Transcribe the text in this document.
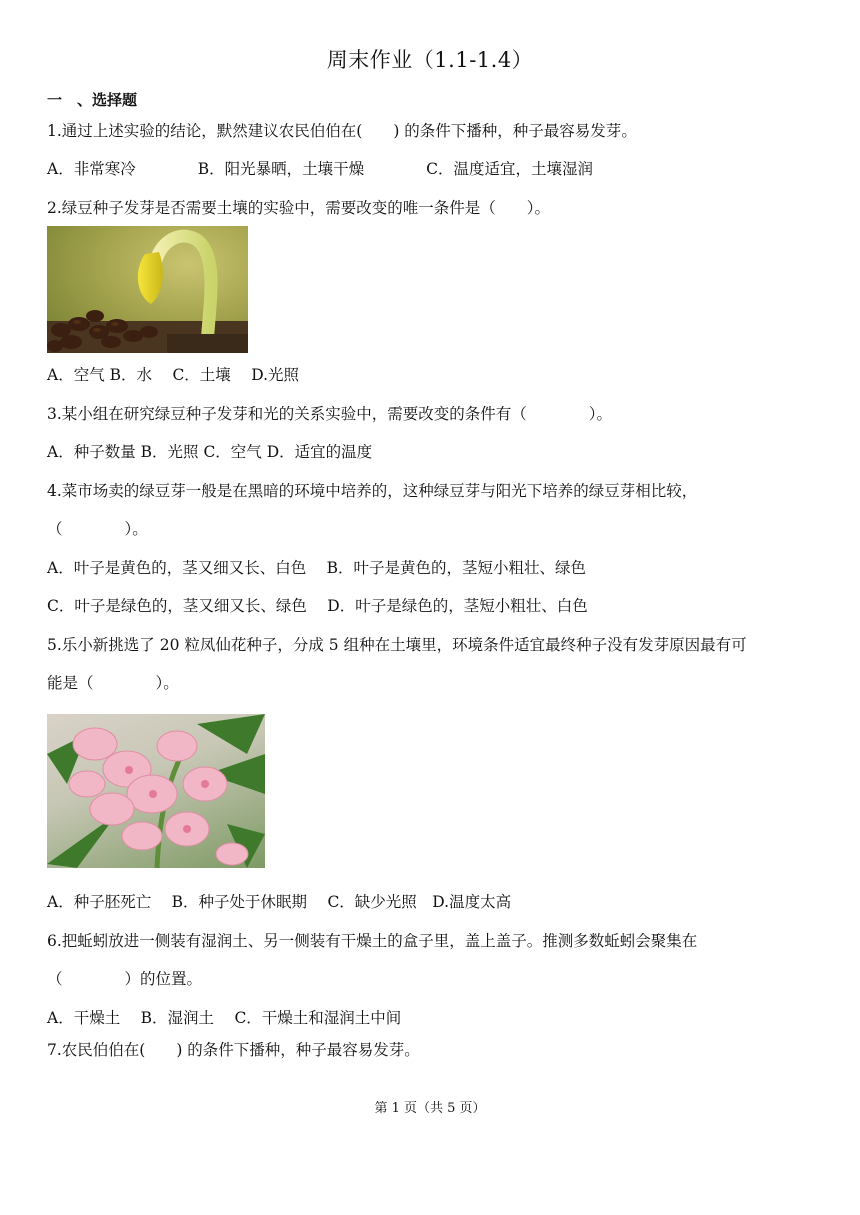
周末作业（1.1-1.4）
一　、选择题
1.通过上述实验的结论，默然建议农民伯伯在(　　) 的条件下播种，种子最容易发芽。
A．非常寒冷　　　　B．阳光暴晒，土壤干燥　　　　C．温度适宜，土壤湿润
2.绿豆种子发芽是否需要土壤的实验中，需要改变的唯一条件是（　　）。
A．空气 B．水　 C．土壤　 D.光照
3.某小组在研究绿豆种子发芽和光的关系实验中，需要改变的条件有（　　　　）。
A．种子数量 B．光照 C．空气 D．适宜的温度
4.菜市场卖的绿豆芽一般是在黑暗的环境中培养的，这种绿豆芽与阳光下培养的绿豆芽相比较，
（　　　　）。
A．叶子是黄色的，茎又细又长、白色　 B．叶子是黄色的，茎短小粗壮、绿色
C．叶子是绿色的，茎又细又长、绿色　 D．叶子是绿色的，茎短小粗壮、白色
5.乐小新挑选了 20 粒凤仙花种子，分成 5 组种在土壤里，环境条件适宜最终种子没有发芽原因最有可
能是（　　　　）。
A．种子胚死亡　 B．种子处于休眠期　 C．缺少光照　D.温度太高
6.把蚯蚓放进一侧装有湿润土、另一侧装有干燥土的盒子里，盖上盖子。推测多数蚯蚓会聚集在
（　　　　）的位置。
A．干燥土　 B．湿润土　 C．干燥土和湿润土中间
7.农民伯伯在(　　) 的条件下播种，种子最容易发芽。
第 1 页（共 5 页）
